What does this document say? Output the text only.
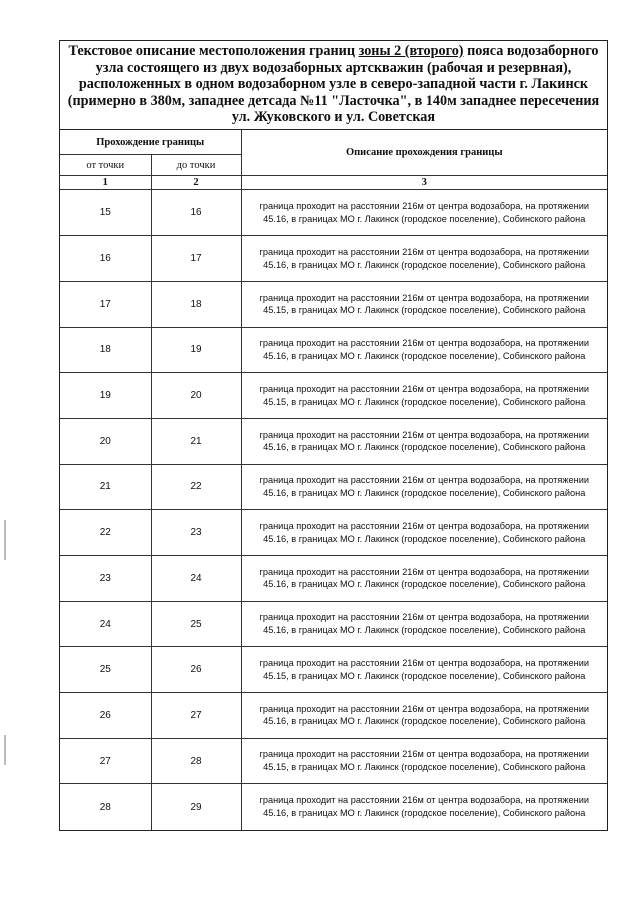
Текстовое описание местоположения границ зоны 2 (второго) пояса водозаборного узла состоящего из двух водозаборных артскважин (рабочая и резервная), расположенных в одном водозаборном узле в северо-западной части г. Лакинск (примерно в 380м, западнее детсада №11 "Ласточка", в 140м западнее пересечения ул. Жуковского и ул. Советская
Прохождение границы		Описание прохождения границы
от точки	до точки	
1	2	3
15	16	граница проходит на расстоянии 216м от центра водозабора, на протяжении 45.16, в границах МО г. Лакинск (городское поселение), Собинского района
16	17	граница проходит на расстоянии 216м от центра водозабора, на протяжении 45.16, в границах МО г. Лакинск (городское поселение), Собинского района
17	18	граница проходит на расстоянии 216м от центра водозабора, на протяжении 45.15, в границах МО г. Лакинск (городское поселение), Собинского района
18	19	граница проходит на расстоянии 216м от центра водозабора, на протяжении 45.16, в границах МО г. Лакинск (городское поселение), Собинского района
19	20	граница проходит на расстоянии 216м от центра водозабора, на протяжении 45.15, в границах МО г. Лакинск (городское поселение), Собинского района
20	21	граница проходит на расстоянии 216м от центра водозабора, на протяжении 45.16, в границах МО г. Лакинск (городское поселение), Собинского района
21	22	граница проходит на расстоянии 216м от центра водозабора, на протяжении 45.16, в границах МО г. Лакинск (городское поселение), Собинского района
22	23	граница проходит на расстоянии 216м от центра водозабора, на протяжении 45.16, в границах МО г. Лакинск (городское поселение), Собинского района
23	24	граница проходит на расстоянии 216м от центра водозабора, на протяжении 45.16, в границах МО г. Лакинск (городское поселение), Собинского района
24	25	граница проходит на расстоянии 216м от центра водозабора, на протяжении 45.16, в границах МО г. Лакинск (городское поселение), Собинского района
25	26	граница проходит на расстоянии 216м от центра водозабора, на протяжении 45.15, в границах МО г. Лакинск (городское поселение), Собинского района
26	27	граница проходит на расстоянии 216м от центра водозабора, на протяжении 45.16, в границах МО г. Лакинск (городское поселение), Собинского района
27	28	граница проходит на расстоянии 216м от центра водозабора, на протяжении 45.15, в границах МО г. Лакинск (городское поселение), Собинского района
28	29	граница проходит на расстоянии 216м от центра водозабора, на протяжении 45.16, в границах МО г. Лакинск (городское поселение), Собинского района
